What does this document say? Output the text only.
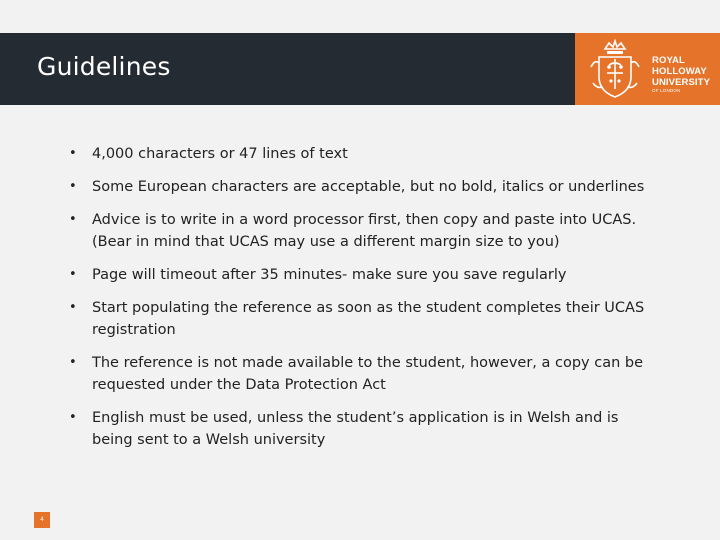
Guidelines	ROYAL
HOLLOWAY
UNIVERSITY
OF LONDON
• 4,000 characters or 47 lines of text
• Some European characters are acceptable, but no bold, italics or underlines
• Advice is to write in a word processor first, then copy and paste into UCAS. (Bear in mind that UCAS may use a different margin size to you)
• Page will timeout after 35 minutes- make sure you save regularly
• Start populating the reference as soon as the student completes their UCAS registration
• The reference is not made available to the student, however, a copy can be requested under the Data Protection Act
• English must be used, unless the student’s application is in Welsh and is being sent to a Welsh university
4
